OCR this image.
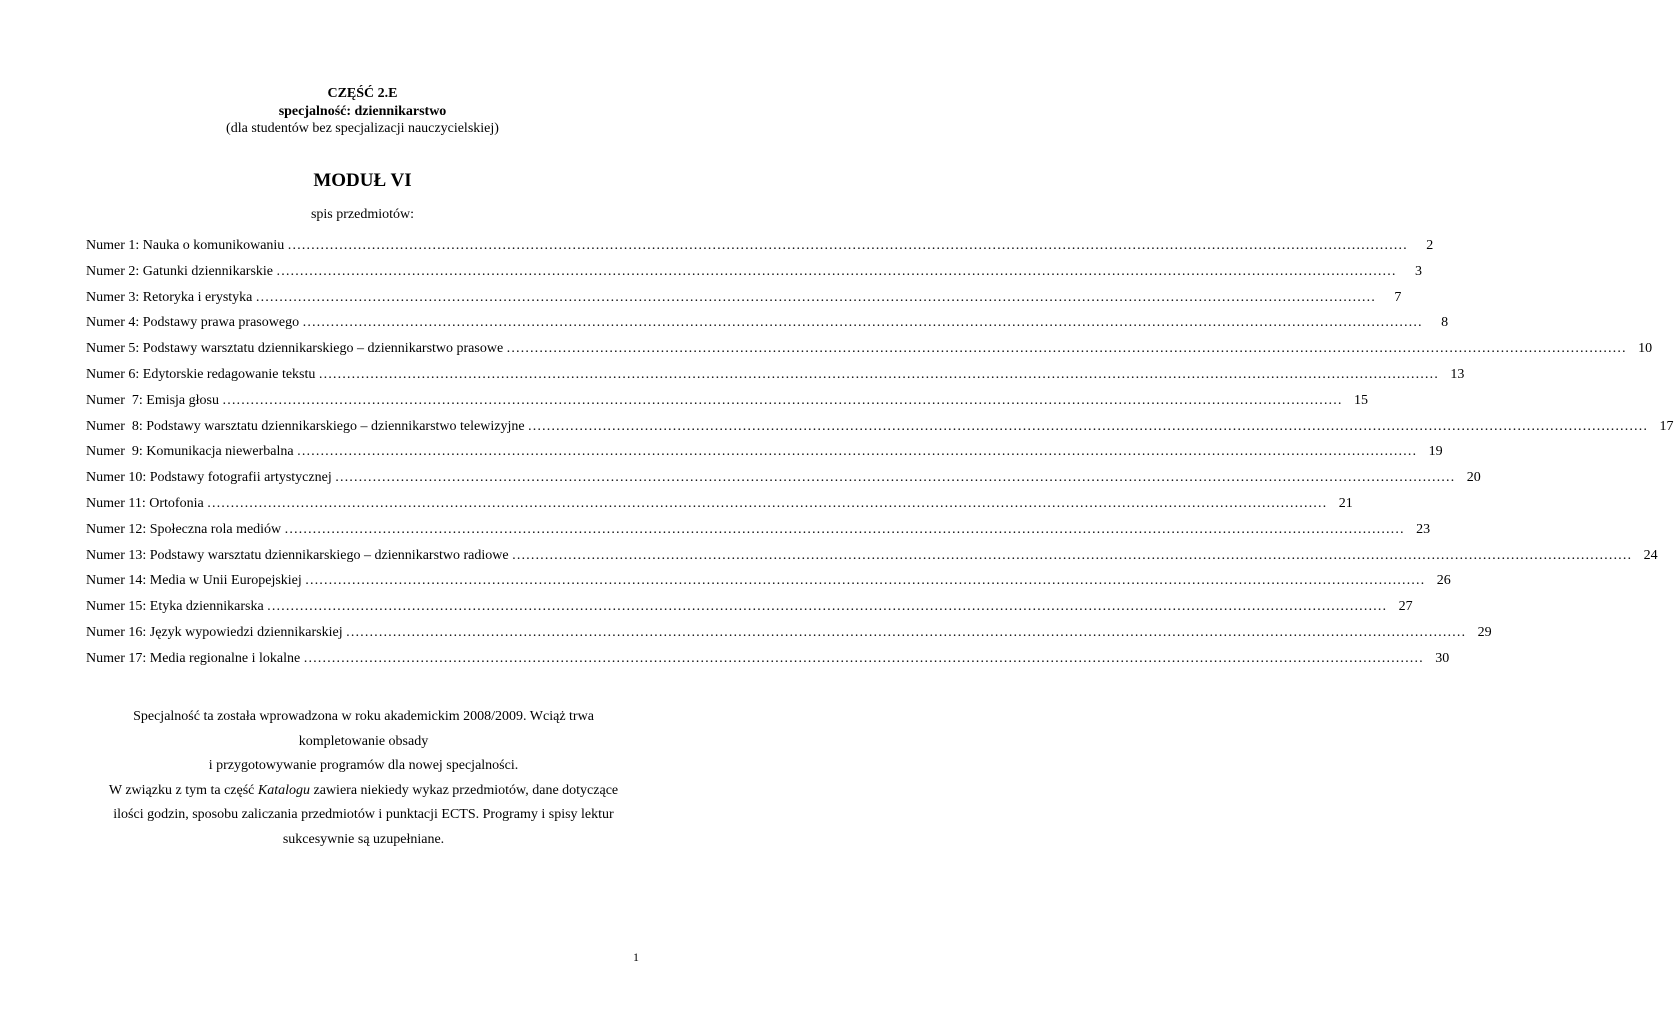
CZĘŚĆ 2.E
specjalność: dziennikarstwo
(dla studentów bez specjalizacji nauczycielskiej)
MODUŁ VI
spis przedmiotów:
Numer 1:
Nauka o komunikowaniu ……………………………………………………………………………………………………………………………………………………………………………………………………………………	2
Numer 2:
Gatunki dziennikarskie ……………………………………………………………………………………………………………………………………………………………………………………………………………………	3
Numer 3:
Retoryka i erystyka ……………………………………………………………………………………………………………………………………………………………………………………………………………………	7
Numer 4:
Podstawy prawa prasowego ……………………………………………………………………………………………………………………………………………………………………………………………………………………	8
Numer 5:
Podstawy warsztatu dziennikarskiego – dziennikarstwo prasowe …………………………………………………………………………………………………………………………………………………………………………………………………………………… 10
Numer 6:
Edytorskie redagowanie tekstu …………………………………………………………………………………………………………………………………………………………………………………………………………………… 13
Numer  7:
Emisja głosu …………………………………………………………………………………………………………………………………………………………………………………………………………………… 15
Numer  8:
Podstawy warsztatu dziennikarskiego – dziennikarstwo telewizyjne …………………………………………………………………………………………………………………………………………………………………………………………………………………… 17
Numer  9:
Komunikacja niewerbalna …………………………………………………………………………………………………………………………………………………………………………………………………………………… 19
Numer 10:
Podstawy fotografii artystycznej …………………………………………………………………………………………………………………………………………………………………………………………………………………… 20
Numer 11:
Ortofonia …………………………………………………………………………………………………………………………………………………………………………………………………………………… 21
Numer 12:
Społeczna rola mediów …………………………………………………………………………………………………………………………………………………………………………………………………………………… 23
Numer 13:
Podstawy warsztatu dziennikarskiego – dziennikarstwo radiowe …………………………………………………………………………………………………………………………………………………………………………………………………………………… 24
Numer 14:
Media w Unii Europejskiej …………………………………………………………………………………………………………………………………………………………………………………………………………………… 26
Numer 15:
Etyka dziennikarska …………………………………………………………………………………………………………………………………………………………………………………………………………………… 27
Numer 16:
Język wypowiedzi dziennikarskiej …………………………………………………………………………………………………………………………………………………………………………………………………………………… 29
Numer 17:
Media regionalne i lokalne …………………………………………………………………………………………………………………………………………………………………………………………………………………… 30

Specjalność ta została wprowadzona w roku akademickim 2008/2009. Wciąż trwa

kompletowanie obsady

i przygotowywanie programów dla nowej specjalności.

W związku z tym ta część Katalogu zawiera niekiedy wykaz przedmiotów, dane dotyczące

ilości godzin, sposobu zaliczania przedmiotów i punktacji ECTS. Programy i spisy lektur

sukcesywnie są uzupełniane.

1
